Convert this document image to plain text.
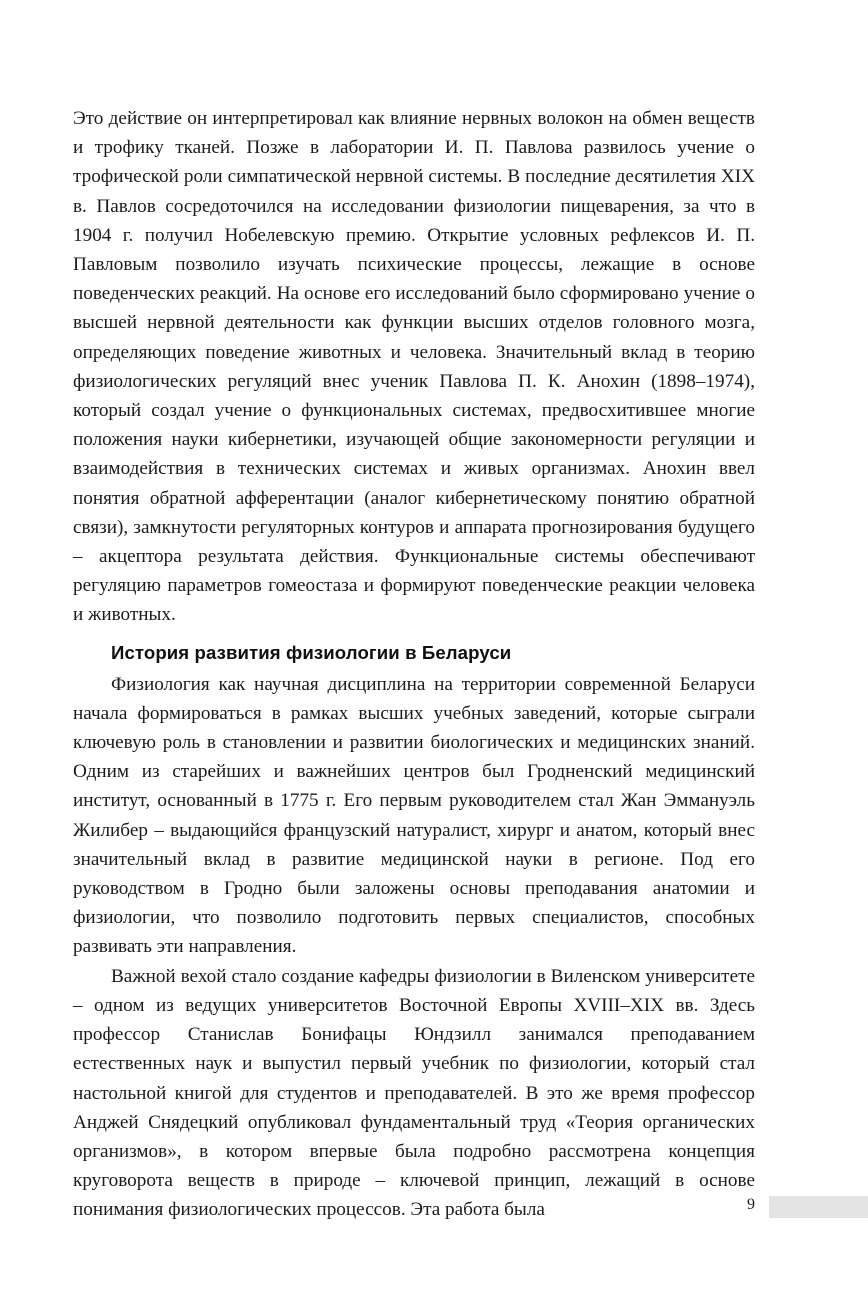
Это действие он интерпретировал как влияние нервных волокон на обмен веществ и трофику тканей. Позже в лаборатории И. П. Павлова развилось учение о трофической роли симпатической нервной системы. В последние десятилетия XIX в. Павлов сосредоточился на исследовании физиологии пищеварения, за что в 1904 г. получил Нобелевскую премию. Открытие условных рефлексов И. П. Павловым позволило изучать психические процессы, лежащие в основе поведенческих реакций. На основе его исследований было сформировано учение о высшей нервной деятельности как функции высших отделов головного мозга, определяющих поведение животных и человека. Значительный вклад в теорию физиологических регуляций внес ученик Павлова П. К. Анохин (1898–1974), который создал учение о функциональных системах, предвосхитившее многие положения науки кибернетики, изучающей общие закономерности регуляции и взаимодействия в технических системах и живых организмах. Анохин ввел понятия обратной афферентации (аналог кибернетическому понятию обратной связи), замкнутости регуляторных контуров и аппарата прогнозирования будущего – акцептора результата действия. Функциональные системы обеспечивают регуляцию параметров гомеостаза и формируют поведенческие реакции человека и животных.

История развития физиологии в Беларуси

Физиология как научная дисциплина на территории современной Беларуси начала формироваться в рамках высших учебных заведений, которые сыграли ключевую роль в становлении и развитии биологических и медицинских знаний. Одним из старейших и важнейших центров был Гродненский медицинский институт, основанный в 1775 г. Его первым руководителем стал Жан Эммануэль Жилибер – выдающийся французский натуралист, хирург и анатом, который внес значительный вклад в развитие медицинской науки в регионе. Под его руководством в Гродно были заложены основы преподавания анатомии и физиологии, что позволило подготовить первых специалистов, способных развивать эти направления.

Важной вехой стало создание кафедры физиологии в Виленском университете – одном из ведущих университетов Восточной Европы XVIII–XIX вв. Здесь профессор Станислав Бонифацы Юндзилл занимался преподаванием естественных наук и выпустил первый учебник по физиологии, который стал настольной книгой для студентов и преподавателей. В это же время профессор Анджей Снядецкий опубликовал фундаментальный труд «Теория органических организмов», в котором впервые была подробно рассмотрена концепция круговорота веществ в природе – ключевой принцип, лежащий в основе понимания физиологических процессов. Эта работа была	9
